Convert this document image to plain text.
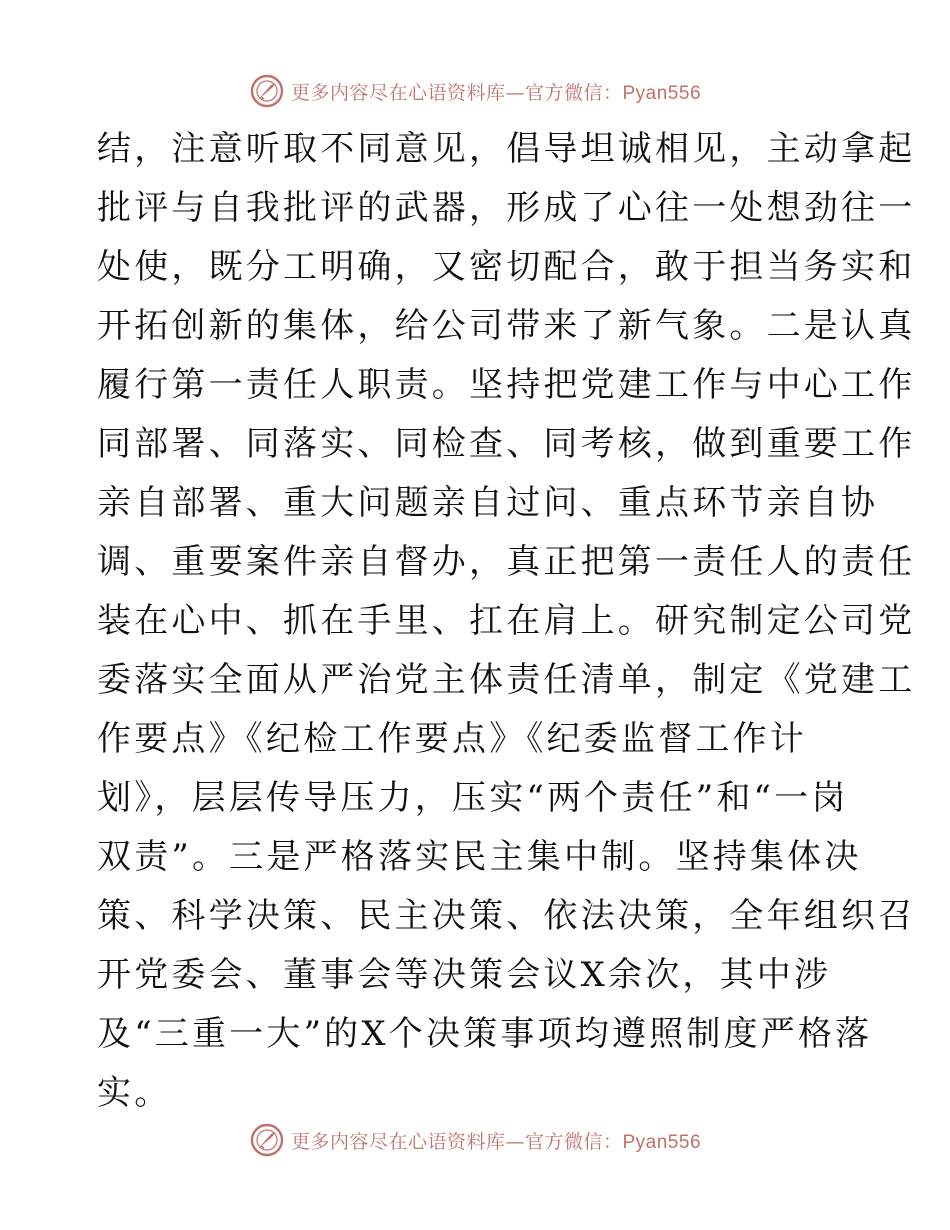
更多内容尽在心语资料库—官方微信：Pyan556
结，注意听取不同意见，倡导坦诚相见，主动拿起
批评与自我批评的武器，形成了心往一处想劲往一
处使，既分工明确，又密切配合，敢于担当务实和
开拓创新的集体，给公司带来了新气象。二是认真
履行第一责任人职责。坚持把党建工作与中心工作
同部署、同落实、同检查、同考核，做到重要工作
亲自部署、重大问题亲自过问、重点环节亲自协
调、重要案件亲自督办，真正把第一责任人的责任
装在心中、抓在手里、扛在肩上。研究制定公司党
委落实全面从严治党主体责任清单，制定《党建工
作要点》《纪检工作要点》《纪委监督工作计
划》，层层传导压力，压实“两个责任”和“一岗
双责”。三是严格落实民主集中制。坚持集体决
策、科学决策、民主决策、依法决策，全年组织召
开党委会、董事会等决策会议X余次，其中涉
及“三重一大”的X个决策事项均遵照制度严格落
实。
更多内容尽在心语资料库—官方微信：Pyan556
